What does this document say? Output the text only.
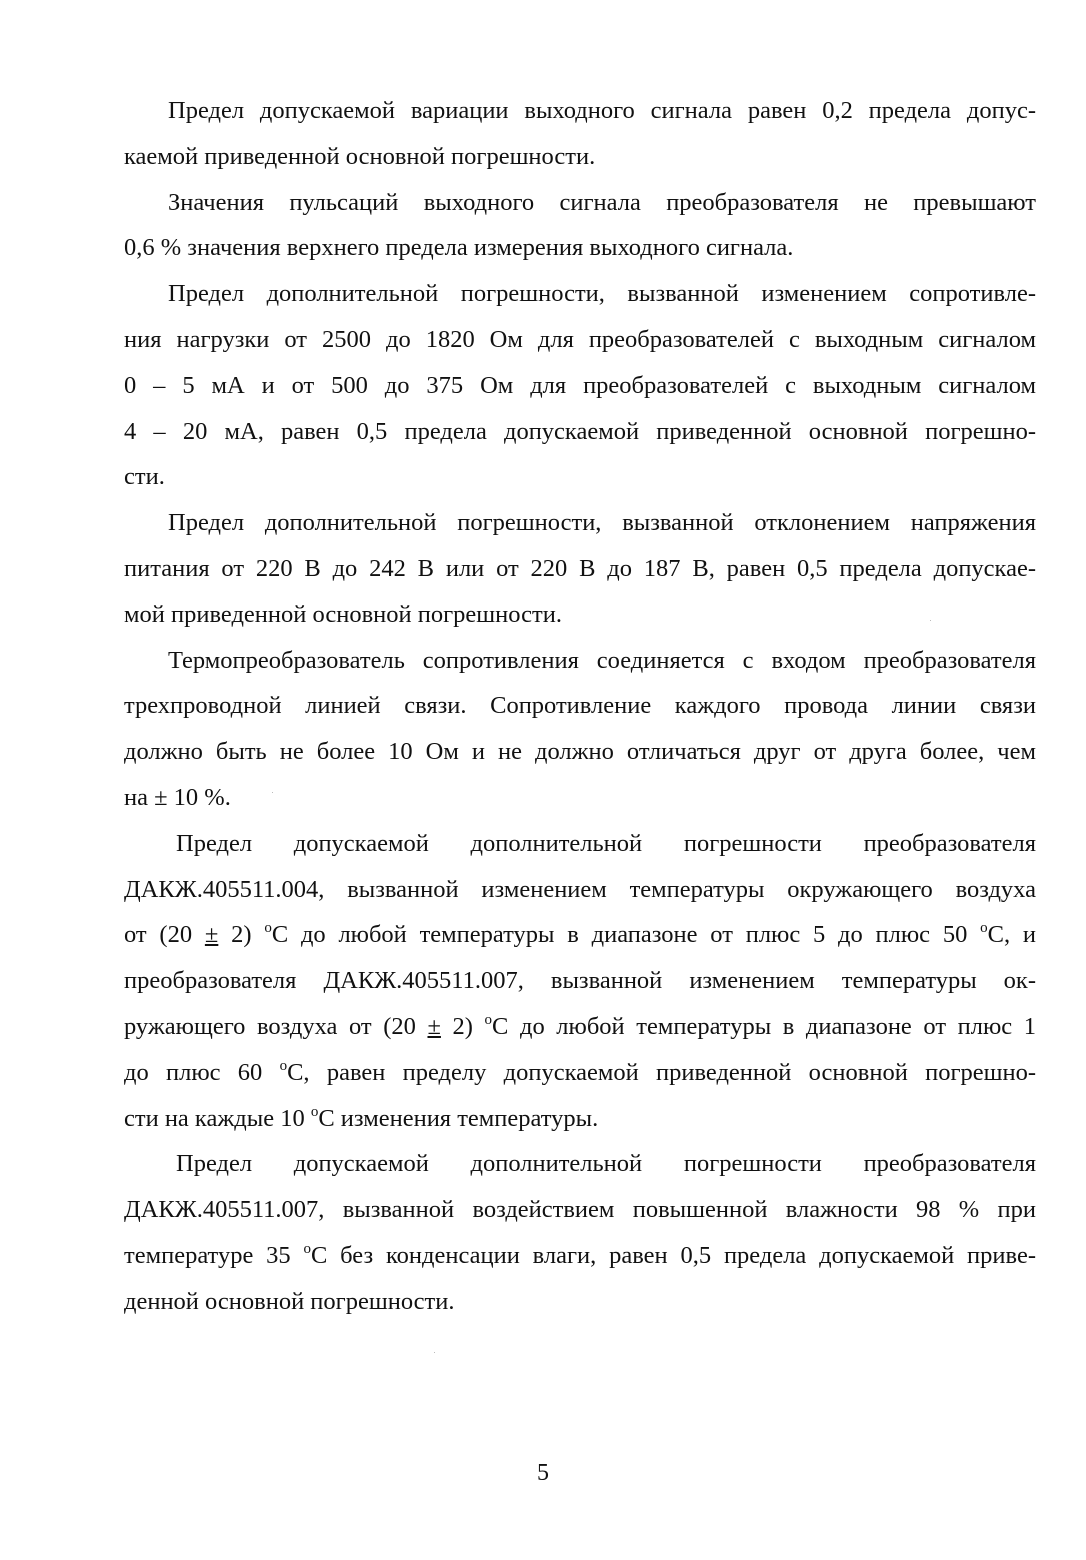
Предел допускаемой вариации выходного сигнала равен 0,2 предела допус-
каемой приведенной основной погрешности.

Значения пульсаций выходного сигнала преобразователя не превышают
0,6 % значения верхнего предела измерения выходного сигнала.

Предел дополнительной погрешности, вызванной изменением сопротивле-
ния нагрузки от 2500 до 1820 Ом для преобразователей с выходным сигналом
0 – 5 мА и от 500 до 375 Ом для преобразователей с выходным сигналом
4 – 20 мА, равен 0,5 предела допускаемой приведенной основной погрешно-
сти.

Предел дополнительной погрешности, вызванной отклонением напряжения
питания от 220 В до 242 В или от 220 В до 187 В, равен 0,5 предела допускае-
мой приведенной основной погрешности.

Термопреобразователь сопротивления соединяется с входом преобразователя
трехпроводной линией связи. Сопротивление каждого провода линии связи
должно быть не более 10 Ом и не должно отличаться друг от друга более, чем
на ± 10 %.

Предел допускаемой дополнительной погрешности преобразователя
ДАКЖ.405511.004, вызванной изменением температуры окружающего воздуха
от (20 ± 2) $^o$С до любой температуры в диапазоне от плюс 5 до плюс 50 $^o$С, и
преобразователя ДАКЖ.405511.007, вызванной изменением температуры ок-
ружающего воздуха от (20 ± 2) $^o$С до любой температуры в диапазоне от плюс 1
до плюс 60 $^o$С, равен пределу допускаемой приведенной основной погрешно-
сти на каждые 10 $^o$С изменения температуры.

Предел допускаемой дополнительной погрешности преобразователя
ДАКЖ.405511.007, вызванной воздействием повышенной влажности 98 % при
температуре 35 $^o$С без конденсации влаги, равен 0,5 предела допускаемой приве-
денной основной погрешности.

5
